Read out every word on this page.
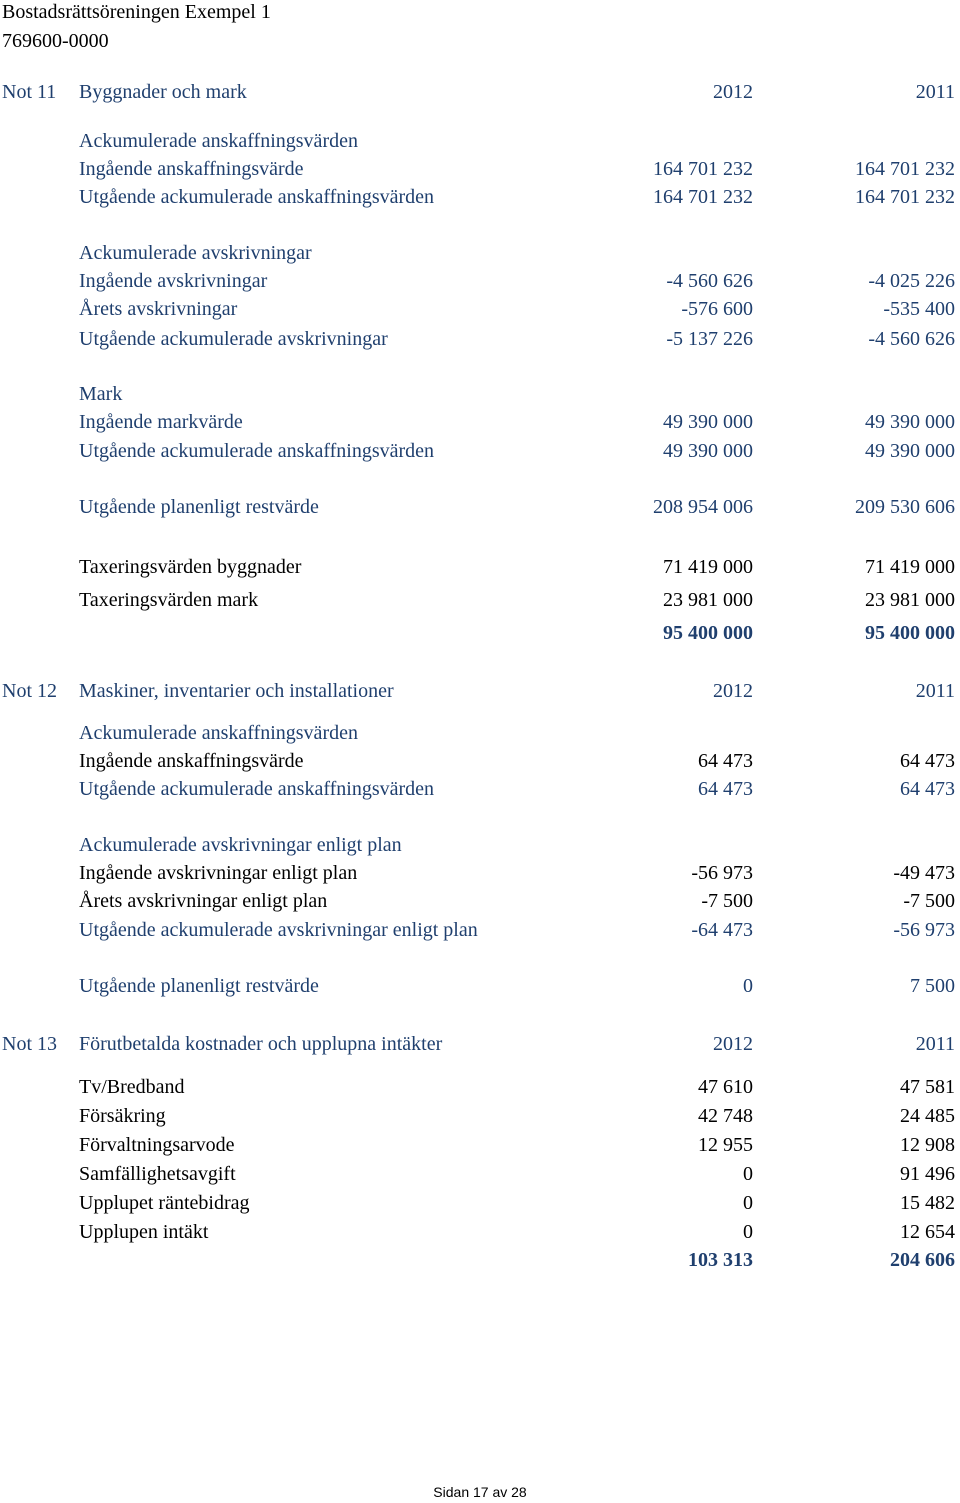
Bostadsrättsöreningen Exempel 1
769600-0000
Not 11 Byggnader och mark	2012	2011
Ackumulerade anskaffningsvärden
Ingående anskaffningsvärde	164 701 232	164 701 232
Utgående ackumulerade anskaffningsvärden	164 701 232	164 701 232
Ackumulerade avskrivningar
Ingående avskrivningar	-4 560 626	-4 025 226
Årets avskrivningar	-576 600	-535 400
Utgående ackumulerade avskrivningar	-5 137 226	-4 560 626
Mark
Ingående markvärde	49 390 000	49 390 000
Utgående ackumulerade anskaffningsvärden	49 390 000	49 390 000
Utgående planenligt restvärde	208 954 006	209 530 606
Taxeringsvärden byggnader	71 419 000	71 419 000
Taxeringsvärden mark	23 981 000	23 981 000
95 400 000	95 400 000
Not 12 Maskiner, inventarier och installationer	2012	2011
Ackumulerade anskaffningsvärden
Ingående anskaffningsvärde	64 473	64 473
Utgående ackumulerade anskaffningsvärden	64 473	64 473
Ackumulerade avskrivningar enligt plan
Ingående avskrivningar enligt plan	-56 973	-49 473
Årets avskrivningar enligt plan	-7 500	-7 500
Utgående ackumulerade avskrivningar enligt plan	-64 473	-56 973
Utgående planenligt restvärde	0	7 500
Not 13 Förutbetalda kostnader och upplupna intäkter	2012	2011
Tv/Bredband	47 610	47 581
Försäkring	42 748	24 485
Förvaltningsarvode	12 955	12 908
Samfällighetsavgift	0	91 496
Upplupet räntebidrag	0	15 482
Upplupen intäkt	0	12 654
103 313	204 606
Sidan 17 av 28
